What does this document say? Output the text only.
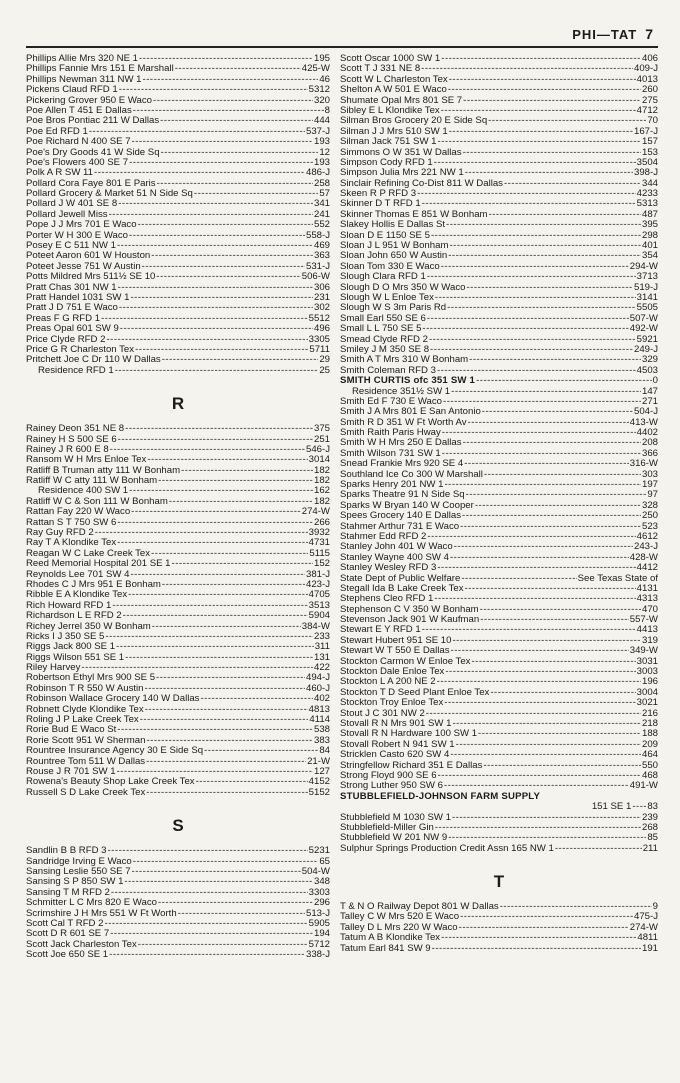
PHI—TAT 7
Phillips Allie Mrs 320 NE 1 -----	195
Phillips Fannie Mrs 151 E Marshall -----	425-W
Phillips Newman 311 NW 1 -----	46
Pickens Claud RFD 1 -----	5312
Pickering Grover 950 E Waco -----	320
Poe Allen T 451 E Dallas -----	8
Poe Bros Pontiac 211 W Dallas -----	444
Poe Ed RFD 1 -----	537-J
Poe Richard N 400 SE 7 -----	193
Poe's Dry Goods 41 W Side Sq -----	12
Poe's Flowers 400 SE 7 -----	193
Polk A R SW 11 -----	486-J
Pollard Cora Faye 801 E Paris -----	258
Pollard Grocery & Market 51 N Side Sq -----	57
Pollard J W 401 SE 8 -----	341
Pollard Jewell Miss -----	241
Pope J J Mrs 701 E Waco -----	552
Porter W H 300 E Waco -----	558-J
Posey E C 511 NW 1 -----	469
Poteet Aaron 601 W Houston -----	363
Poteet Jesse 751 W Austin -----	531-J
Potts Mildred Mrs 511½ SE 10 -----	506-W
Pratt Chas 301 NW 1 -----	306
Pratt Handel 1031 SW 1 -----	231
Pratt J D 751 E Waco -----	302
Preas F G RFD 1 -----	5512
Preas Opal 601 SW 9 -----	496
Price Clyde RFD 2 -----	3305
Price G R Charleston Tex -----	5711
Pritchett Joe C Dr 110 W Dallas -----	29
Residence RFD 1 -----	25
R
Rainey Deon 351 NE 8 -----	375
Rainey H S 500 SE 6 -----	251
Rainey J R 600 E 8 -----	546-J
Ransom W H Mrs Enloe Tex -----	3014
Ratliff B Truman atty 111 W Bonham -----	182
Ratliff W C atty 111 W Bonham -----	182
Residence 400 SW 1 -----	162
Ratliff W C & Son 111 W Bonham -----	182
Rattan Fay 220 W Waco -----	274-W
Rattan S T 750 SW 6 -----	266
Ray Guy RFD 2 -----	3932
Ray T A Klondike Tex -----	4731
Reagan W C Lake Creek Tex -----	5115
Reed Memorial Hospital 201 SE 1 -----	152
Reynolds Lee 701 SW 4 -----	381-J
Rhodes C J Mrs 951 E Bonham -----	423-J
Ribble E A Klondike Tex -----	4705
Rich Howard RFD 1 -----	3513
Richardson L E RFD 2 -----	5904
Richey Jerrel 350 W Bonham -----	384-W
Ricks I J 350 SE 5 -----	233
Riggs Jack 800 SE 1 -----	311
Riggs Wilson 551 SE 1 -----	131
Riley Harvey -----	422
Robertson Ethyl Mrs 900 SE 5 -----	494-J
Robinson T R 550 W Austin -----	460-J
Robinson Wallace Grocery 140 W Dallas -----	402
Robnett Clyde Klondike Tex -----	4813
Roling J P Lake Creek Tex -----	4114
Rorie Bud E Waco St -----	538
Rorie Scott 951 W Sherman -----	383
Rountree Insurance Agency 30 E Side Sq -----	84
Rountree Tom 511 W Dallas -----	21-W
Rouse J R 701 SW 1 -----	127
Rowena's Beauty Shop Lake Creek Tex -----	4152
Russell S D Lake Creek Tex -----	5152
S
Sandlin B B RFD 3 -----	5231
Sandridge Irving E Waco -----	65
Sansing Leslie 550 SE 7 -----	504-W
Sansing S P 850 SW 1 -----	348
Sansing T M RFD 2 -----	3303
Schmitter L C Mrs 820 E Waco -----	296
Scrimshire J H Mrs 551 W Ft Worth -----	513-J
Scott Cal T RFD 2 -----	5905
Scott D R 601 SE 7 -----	194
Scott Jack Charleston Tex -----	5712
Scott Joe 650 SE 1 -----	338-J
Scott Oscar 1000 SW 1 -----	406
Scott T J 331 NE 8 -----	409-J
Scott W L Charleston Tex -----	4013
Shelton A W 501 E Waco -----	260
Shumate Opal Mrs 801 SE 7 -----	275
Sibley E L Klondike Tex -----	4712
Silman Bros Grocery 20 E Side Sq -----	70
Silman J J Mrs 510 SW 1 -----	167-J
Silman Jack 751 SW 1 -----	157
Simmons O W 351 W Dallas -----	153
Simpson Cody RFD 1 -----	3504
Simpson Julia Mrs 221 NW 1 -----	398-J
Sinclair Refining Co-Dist 811 W Dallas -----	344
Skeen R P RFD 3 -----	4233
Skinner D T RFD 1 -----	5313
Skinner Thomas E 851 W Bonham -----	487
Slakey Hollis E Dallas St -----	395
Sloan D E 1150 SE 5 -----	298
Sloan J L 951 W Bonham -----	401
Sloan John 650 W Austin -----	354
Sloan Tom 330 E Waco -----	294-W
Slough Clara RFD 1 -----	3713
Slough D O Mrs 350 W Waco -----	519-J
Slough W L Enloe Tex -----	3141
Slough W S 3m Paris Rd -----	5505
Small Earl 550 SE 6 -----	507-W
Small L L 750 SE 5 -----	492-W
Smead Clyde RFD 2 -----	5921
Smiley J M 350 SE 8 -----	249-J
Smith A T Mrs 310 W Bonham -----	329
Smith Coleman RFD 3 -----	4503
SMITH CURTIS ofc 351 SW 1 -----	0
Residence 351½ SW 1 -----	147
Smith Ed F 730 E Waco -----	271
Smith J A Mrs 801 E San Antonio -----	504-J
Smith R D 351 W Ft Worth Av -----	413-W
Smith Raith Paris Hway -----	4402
Smith W H Mrs 250 E Dallas -----	208
Smith Wilson 731 SW 1 -----	366
Snead Frankie Mrs 920 SE 4 -----	316-W
Southland Ice Co 300 W Marshall -----	303
Sparks Henry 201 NW 1 -----	197
Sparks Theatre 91 N Side Sq -----	97
Sparks W Bryan 140 W Cooper -----	328
Spees Grocery 140 E Dallas -----	250
Stahmer Arthur 731 E Waco -----	523
Stahmer Edd RFD 2 -----	4612
Stanley John 401 W Waco -----	243-J
Stanley Wayne 400 SW 4 -----	428-W
Stanley Wesley RFD 3 -----	4412
State Dept of Public Welfare -----	See Texas State of
Stegall Ida B Lake Creek Tex -----	4131
Stephens Cleo RFD 1 -----	4313
Stephenson C V 350 W Bonham -----	470
Stevenson Jack 901 W Kaufman -----	557-W
Stewart E Y RFD 1 -----	4413
Stewart Hubert 951 SE 10 -----	319
Stewart W T 550 E Dallas -----	349-W
Stockton Carmon W Enloe Tex -----	3031
Stockton Dale Enloe Tex -----	3003
Stockton L A 200 NE 2 -----	196
Stockton T D Seed Plant Enloe Tex -----	3004
Stockton Troy Enloe Tex -----	3021
Stout J C 301 NW 2 -----	216
Stovall R N Mrs 901 SW 1 -----	218
Stovall R N Hardware 100 SW 1 -----	188
Stovall Robert N 941 SW 1 -----	209
Stricklen Casto 620 SW 4 -----	464
Stringfellow Richard 351 E Dallas -----	550
Strong Floyd 900 SE 6 -----	468
Strong Luther 950 SW 6 -----	491-W
STUBBLEFIELD-JOHNSON FARM SUPPLY
151 SE 1 ----- 83
Stubblefield M 1030 SW 1 -----	239
Stubblefield-Miller Gin -----	268
Stubblefield W 201 NW 9 -----	85
Sulphur Springs Production Credit Assn 165 NW 1 -----	211
T
T & N O Railway Depot 801 W Dallas -----	9
Talley C W Mrs 520 E Waco -----	475-J
Talley D L Mrs 220 W Waco -----	274-W
Tatum A B Klondike Tex -----	4811
Tatum Earl 841 SW 9 -----	191
